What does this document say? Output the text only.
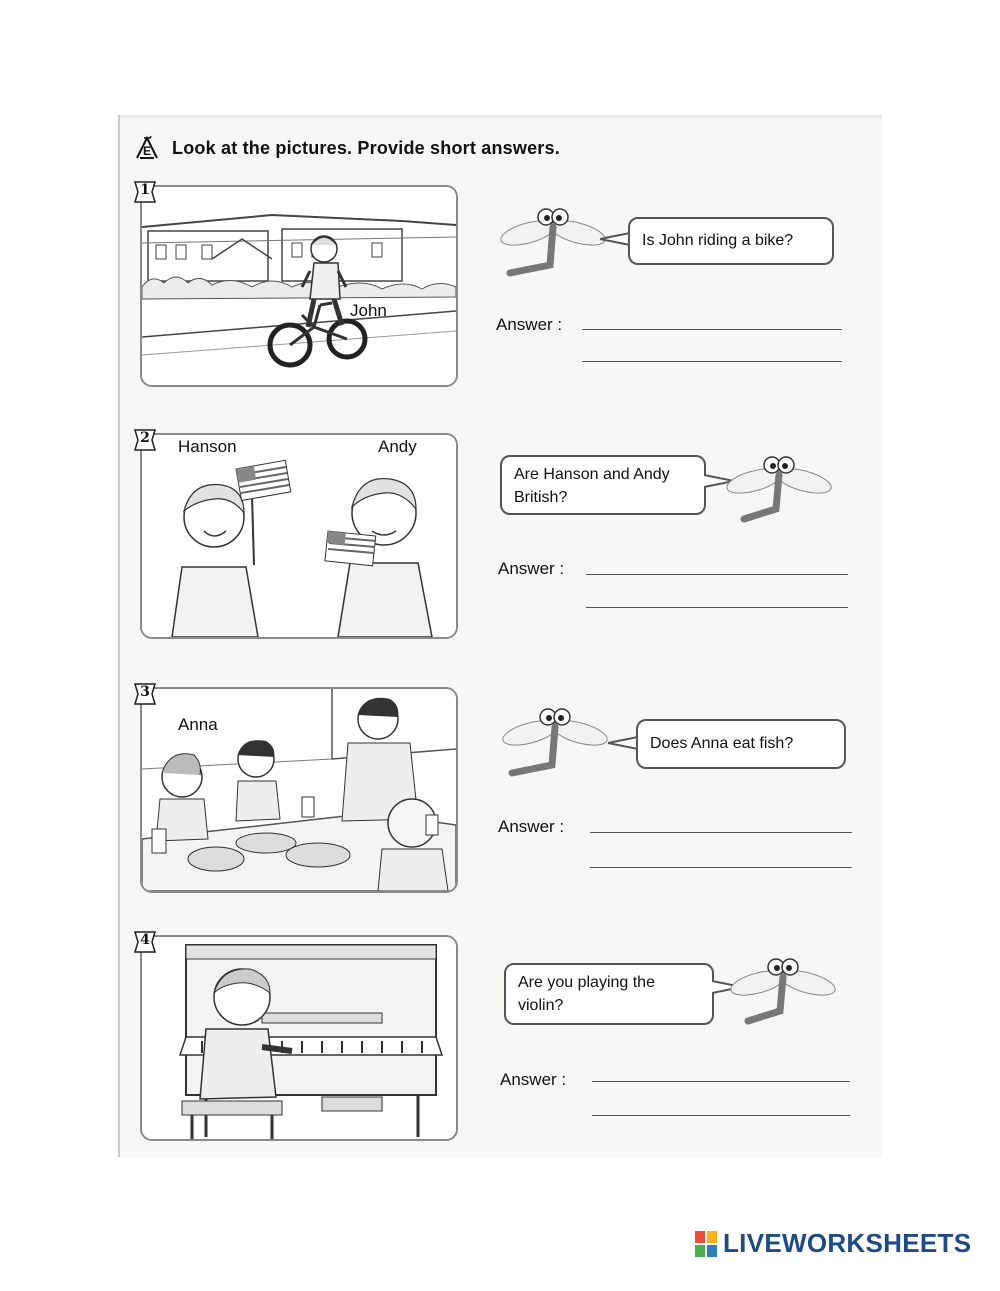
E Look at the pictures. Provide short answers.
1
John
Is John riding a bike?
Answer :
2	Hanson	Andy
Are Hanson and Andy British?
Answer :
3
Anna
Does Anna eat fish?
Answer :
4
Are you playing the violin?
Answer :
LIVEWORKSHEETS
